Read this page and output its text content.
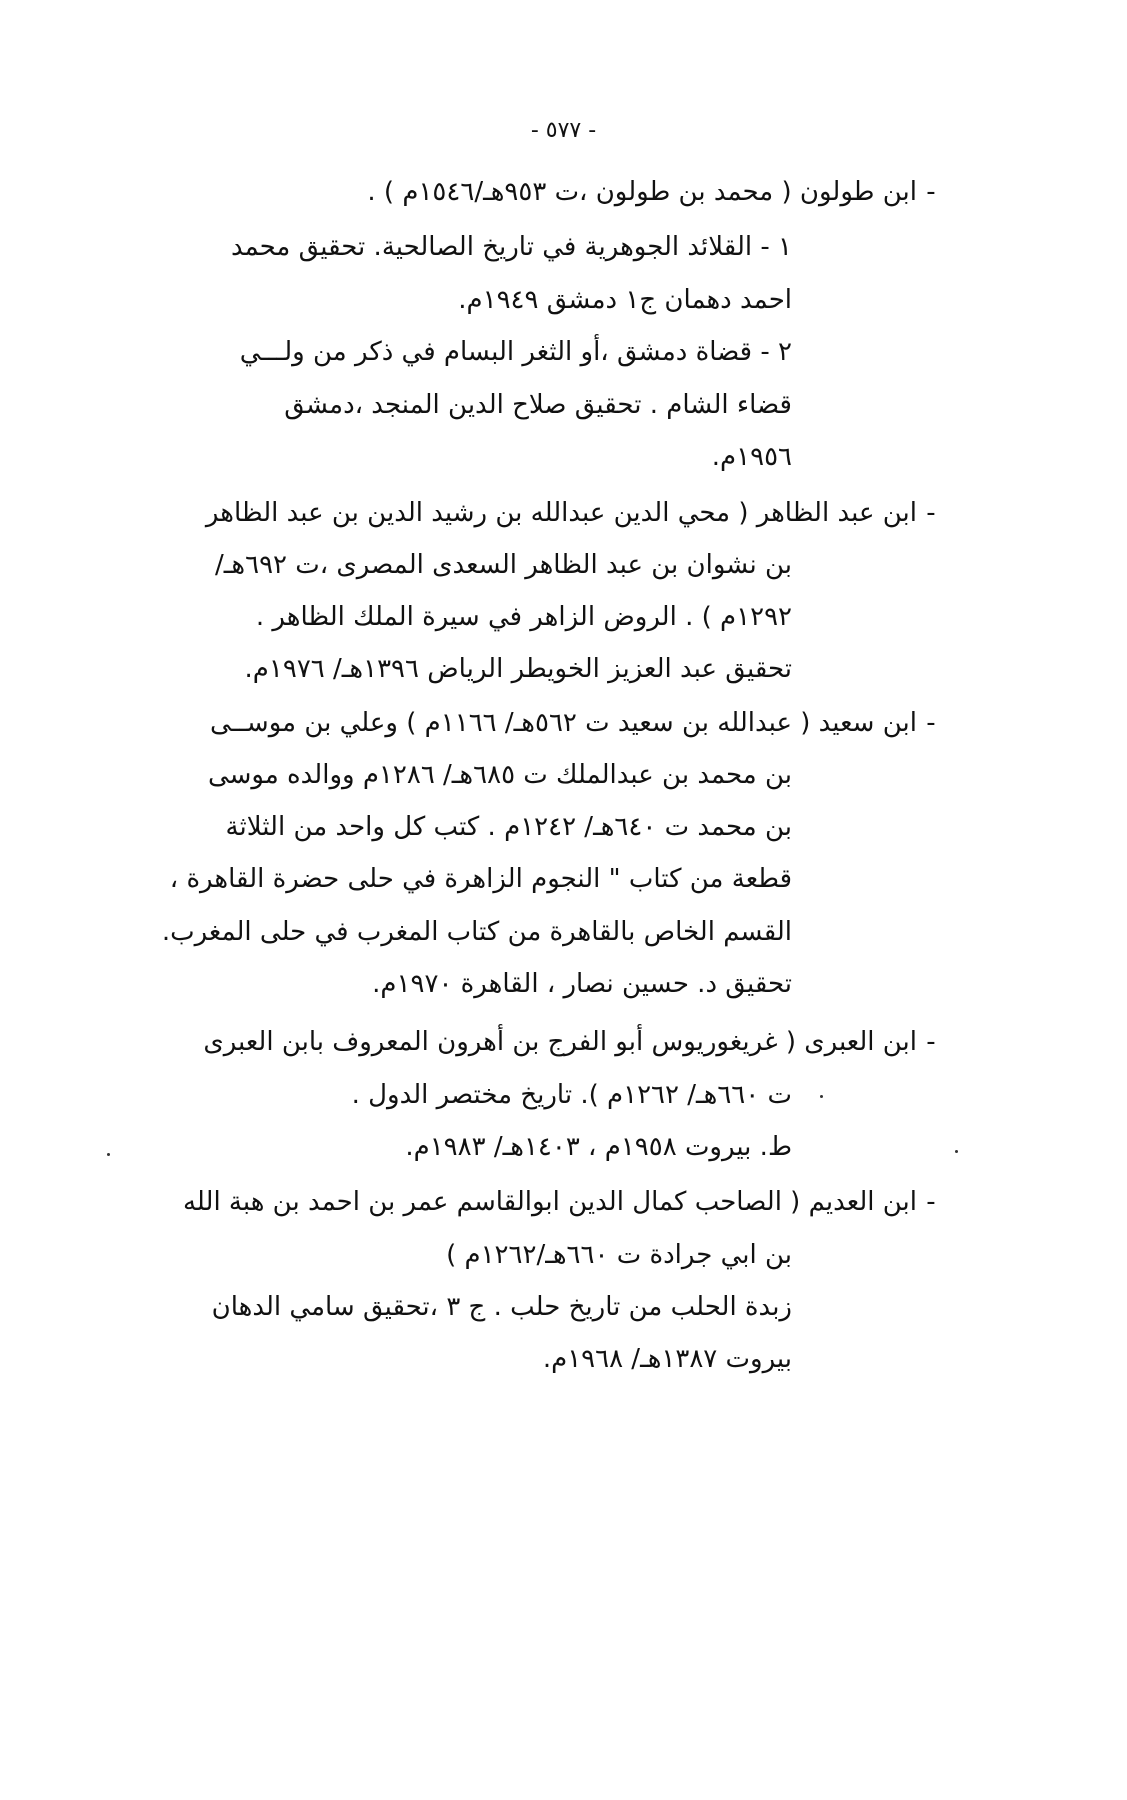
- ٥٧٧ -
ابن طولون ( محمد بن طولون ،ت ٩٥٣هـ/١٥٤٦م ) . -
١ - القلائد الجوهرية في تاريخ الصالحية. تحقيق محمد
احمد دهمان ج١ دمشق ١٩٤٩م.
٢ - قضاة دمشق ،أو الثغر البسام في ذكر من ولـــي
قضاء الشام . تحقيق صلاح الدين المنجد ،دمشق
١٩٥٦م.
ابن عبد الظاهر ( محي الدين عبدالله بن رشيد الدين بن عبد الظاهر -
بن نشوان بن عبد الظاهر السعدى المصرى ،ت ٦٩٢هـ/
١٢٩٢م ) . الروض الزاهر في سيرة الملك الظاهر .
تحقيق عبد العزيز الخويطر الرياض ١٣٩٦هـ/ ١٩٧٦م.
ابن سعيد ( عبدالله بن سعيد ت ٥٦٢هـ/ ١١٦٦م ) وعلي بن موســى -
بن محمد بن عبدالملك ت ٦٨٥هـ/ ١٢٨٦م ووالده موسى
بن محمد ت ٦٤٠هـ/ ١٢٤٢م . كتب كل واحد من الثلاثة
قطعة من كتاب " النجوم الزاهرة في حلى حضرة القاهرة ،
القسم الخاص بالقاهرة من كتاب المغرب في حلى المغرب.
تحقيق د. حسين نصار ، القاهرة ١٩٧٠م.
ابن العبرى ( غريغوريوس أبو الفرج بن أهرون المعروف بابن العبرى -
ت ٦٦٠هـ/ ١٢٦٢م ). تاريخ مختصر الدول .
ط. بيروت ١٩٥٨م ، ١٤٠٣هـ/ ١٩٨٣م.
ابن العديم ( الصاحب كمال الدين ابوالقاسم عمر بن احمد بن هبة الله -
بن ابي جرادة ت ٦٦٠هـ/١٢٦٢م )
زبدة الحلب من تاريخ حلب . ج ٣ ،تحقيق سامي الدهان
بيروت ١٣٨٧هـ/ ١٩٦٨م.
